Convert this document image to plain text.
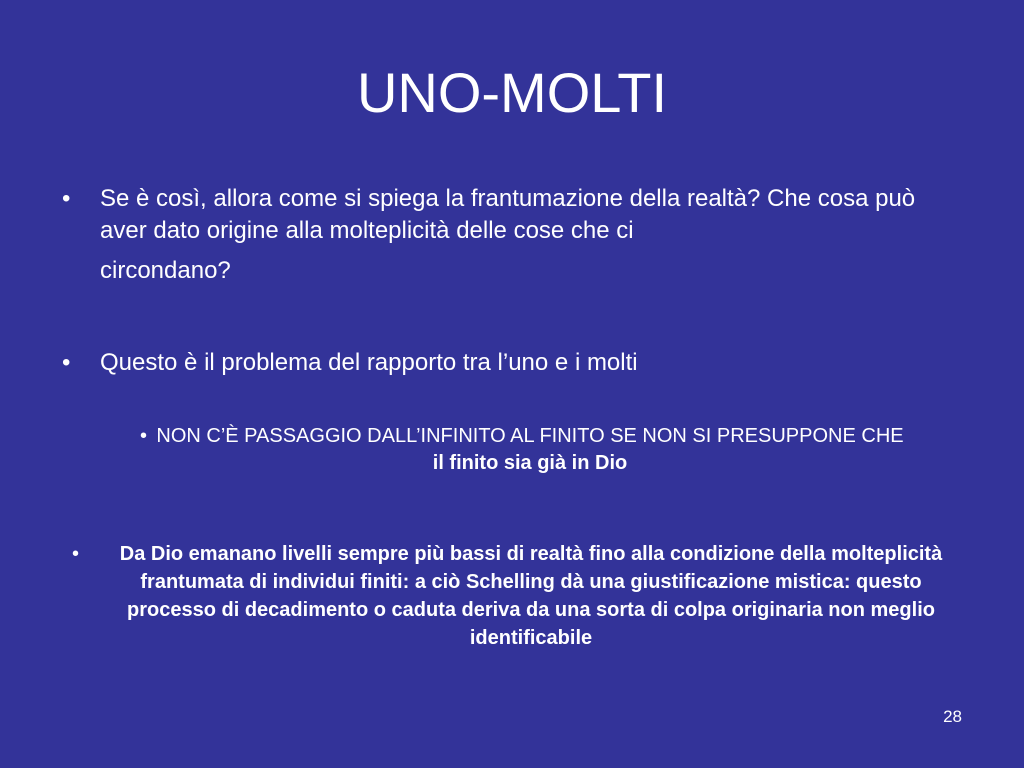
UNO-MOLTI
•	Se è così, allora come si spiega la frantumazione della realtà? Che cosa può aver dato origine alla molteplicità delle cose che ci
circondano?
•	Questo è il problema del rapporto tra l’uno e i molti
• NON C’È PASSAGGIO DALL’INFINITO AL FINITO SE NON SI PRESUPPONE CHE
il finito sia già in Dio
•	Da Dio emanano livelli sempre più bassi di realtà fino alla condizione della molteplicità frantumata di individui finiti: a ciò Schelling dà una giustificazione mistica: questo processo di decadimento o caduta deriva da una sorta di colpa originaria non meglio identificabile
28
